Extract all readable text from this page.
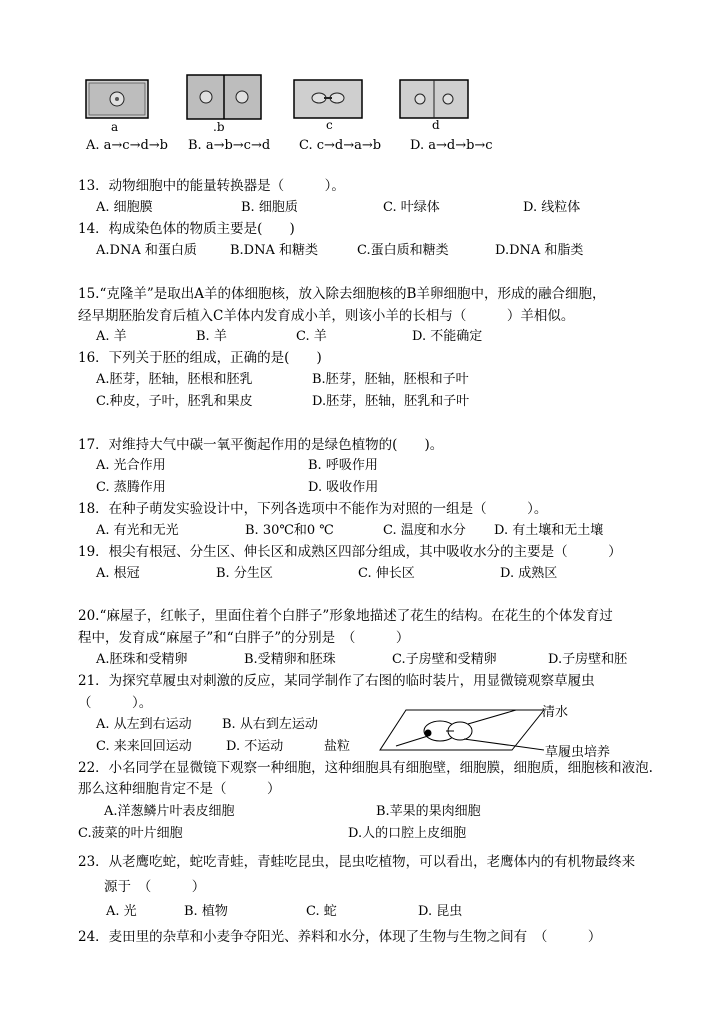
a	.b	c	d
A. a→c→d→b B. a→b→c→d C. c→d→a→b D. a→d→b→c
13．动物细胞中的能量转换器是（　　　）。
A. 细胞膜	B. 细胞质	C. 叶绿体	D. 线粒体
14．构成染色体的物质主要是(　　)
A.DNA 和蛋白质	B.DNA 和糖类	C.蛋白质和糖类	D.DNA 和脂类
15.“克隆羊”是取出A羊的体细胞核，放入除去细胞核的B羊卵细胞中，形成的融合细胞，
经早期胚胎发育后植入C羊体内发育成小羊，则该小羊的长相与（　　　）羊相似。
A. 羊	B. 羊	C. 羊	D. 不能确定
16．下列关于胚的组成，正确的是(　　)
A.胚芽，胚轴，胚根和胚乳	B.胚芽，胚轴，胚根和子叶
C.种皮，子叶，胚乳和果皮	D.胚芽，胚轴，胚乳和子叶
17．对维持大气中碳一氧平衡起作用的是绿色植物的(　　)。
A. 光合作用	B. 呼吸作用
C. 蒸腾作用	D. 吸收作用
18．在种子萌发实验设计中，下列各选项中不能作为对照的一组是（　　　）。
A. 有光和无光	B. 30℃和0 ℃	C. 温度和水分 D. 有土壤和无土壤
19．根尖有根冠、分生区、伸长区和成熟区四部分组成，其中吸收水分的主要是（　　　）
A. 根冠	B. 分生区	C. 伸长区	D. 成熟区
20.“麻屋子，红帐子，里面住着个白胖子”形象地描述了花生的结构。在花生的个体发育过
程中，发育成“麻屋子”和“白胖子”的分别是　（　　　）
A.胚珠和受精卵	B.受精卵和胚珠	C.子房壁和受精卵	D.子房壁和胚
21．为探究草履虫对刺激的反应，某同学制作了右图的临时装片，用显微镜观察草履虫
（　　　）。
A. 从左到右运动 B. 从右到左运动
C. 来来回回运动	D. 不运动	盐粒
清水
草履虫培养
22．小名同学在显微镜下观察一种细胞，这种细胞具有细胞壁，细胞膜，细胞质，细胞核和液泡.
那么这种细胞肯定不是（　　　）
A.洋葱鳞片叶表皮细胞	B.苹果的果肉细胞
C.菠菜的叶片细胞	D.人的口腔上皮细胞
23．从老鹰吃蛇，蛇吃青蛙，青蛙吃昆虫，昆虫吃植物，可以看出，老鹰体内的有机物最终来
源于　（　　　）
A. 光	B. 植物	C. 蛇	D. 昆虫
24．麦田里的杂草和小麦争夺阳光、养料和水分，体现了生物与生物之间有　（　　　）
